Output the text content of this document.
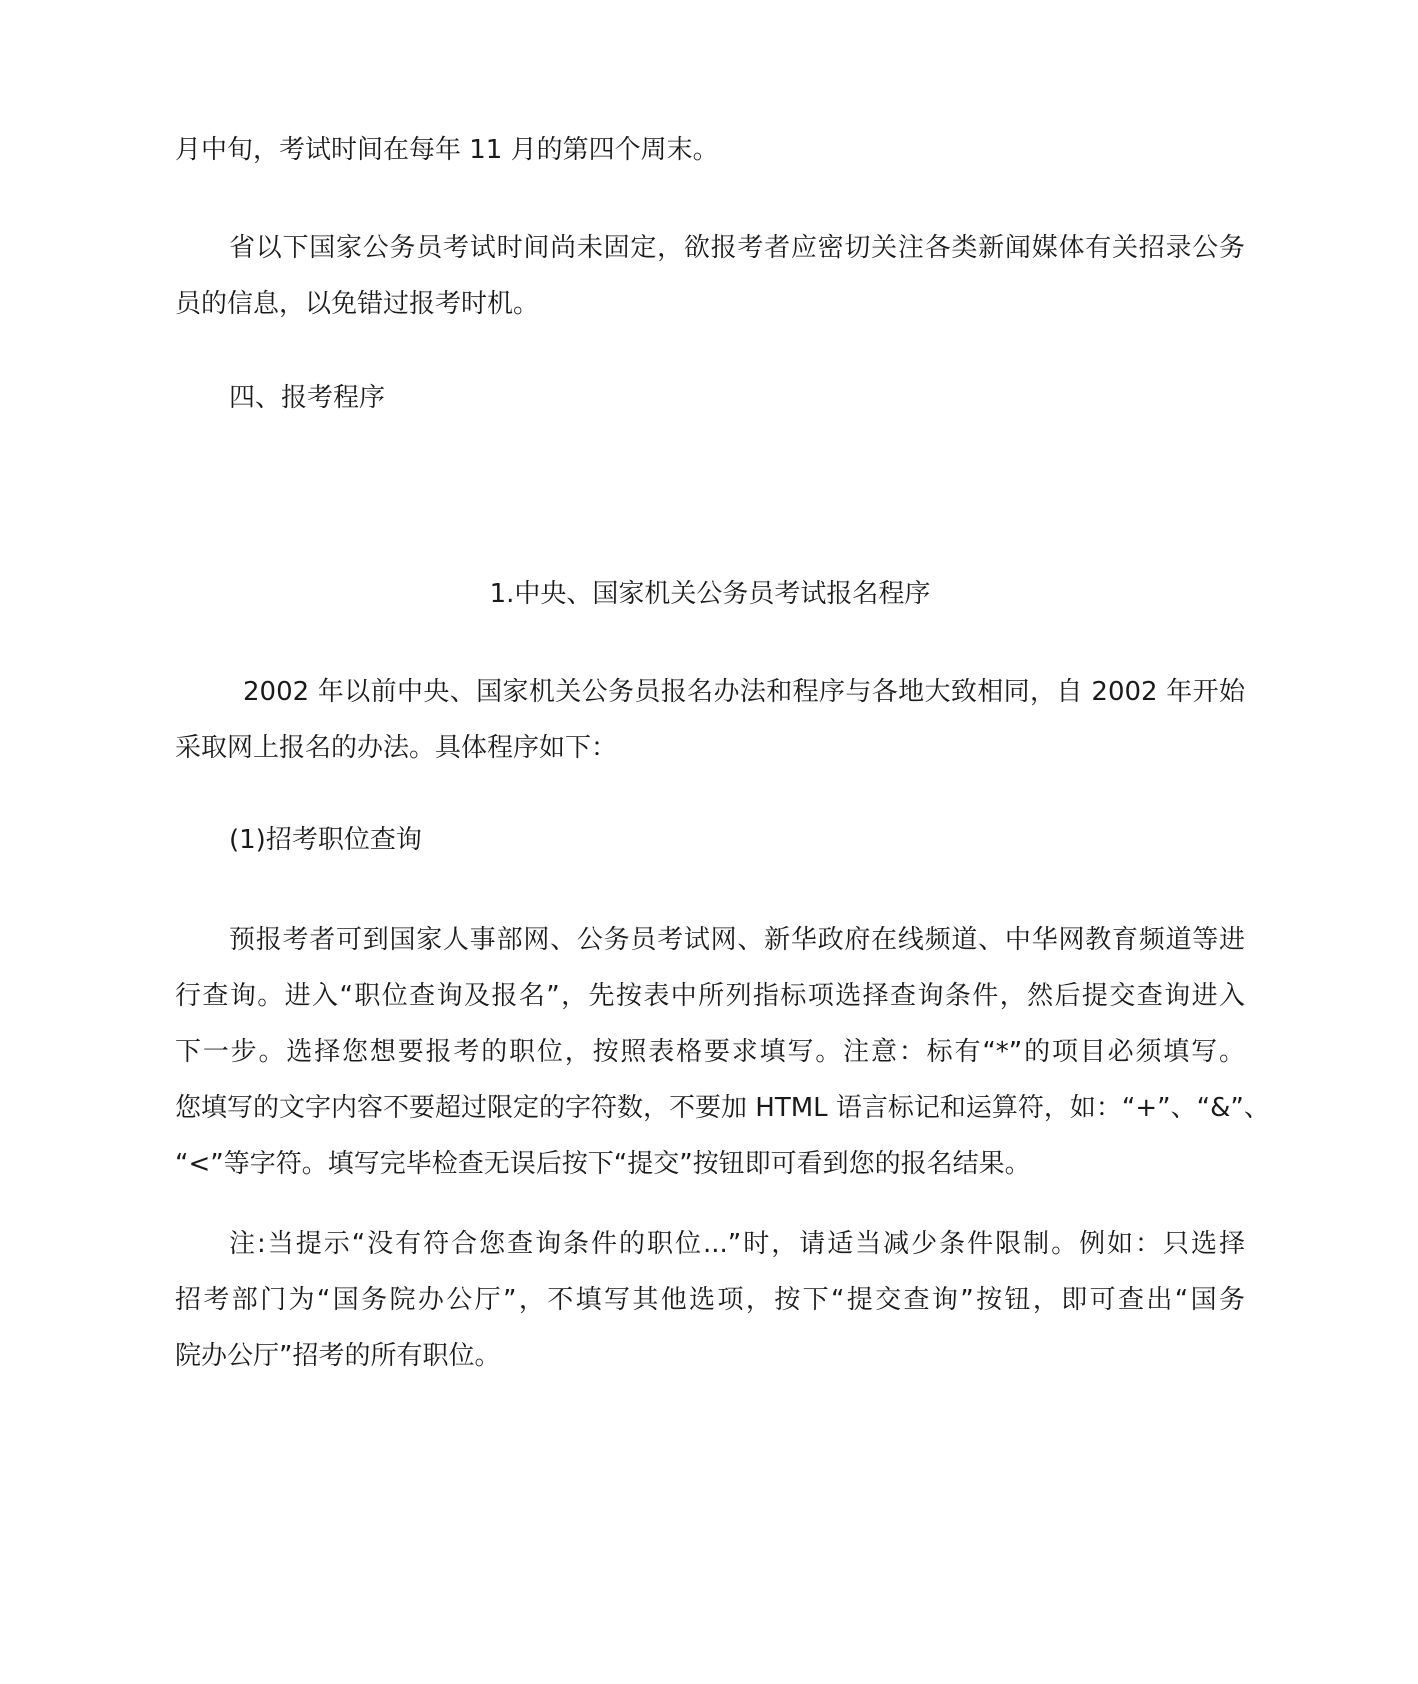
月中旬，考试时间在每年 11 月的第四个周末。
省以下国家公务员考试时间尚未固定，欲报考者应密切关注各类新闻媒体有关招录公务
员的信息，以免错过报考时机。
四、报考程序
1.中央、国家机关公务员考试报名程序
2002 年以前中央、国家机关公务员报名办法和程序与各地大致相同，自 2002 年开始
采取网上报名的办法。具体程序如下：
(1)招考职位查询
预报考者可到国家人事部网、公务员考试网、新华政府在线频道、中华网教育频道等进
行查询。进入“职位查询及报名”，先按表中所列指标项选择查询条件，然后提交查询进入
下一步。选择您想要报考的职位，按照表格要求填写。注意：标有“*”的项目必须填写。
您填写的文字内容不要超过限定的字符数，不要加 HTML 语言标记和运算符，如：“+”、“&”、
“<”等字符。填写完毕检查无误后按下“提交”按钮即可看到您的报名结果。
注:当提示“没有符合您查询条件的职位...”时，请适当减少条件限制。例如：只选择
招考部门为“国务院办公厅”，不填写其他选项，按下“提交查询”按钮，即可查出“国务
院办公厅”招考的所有职位。
